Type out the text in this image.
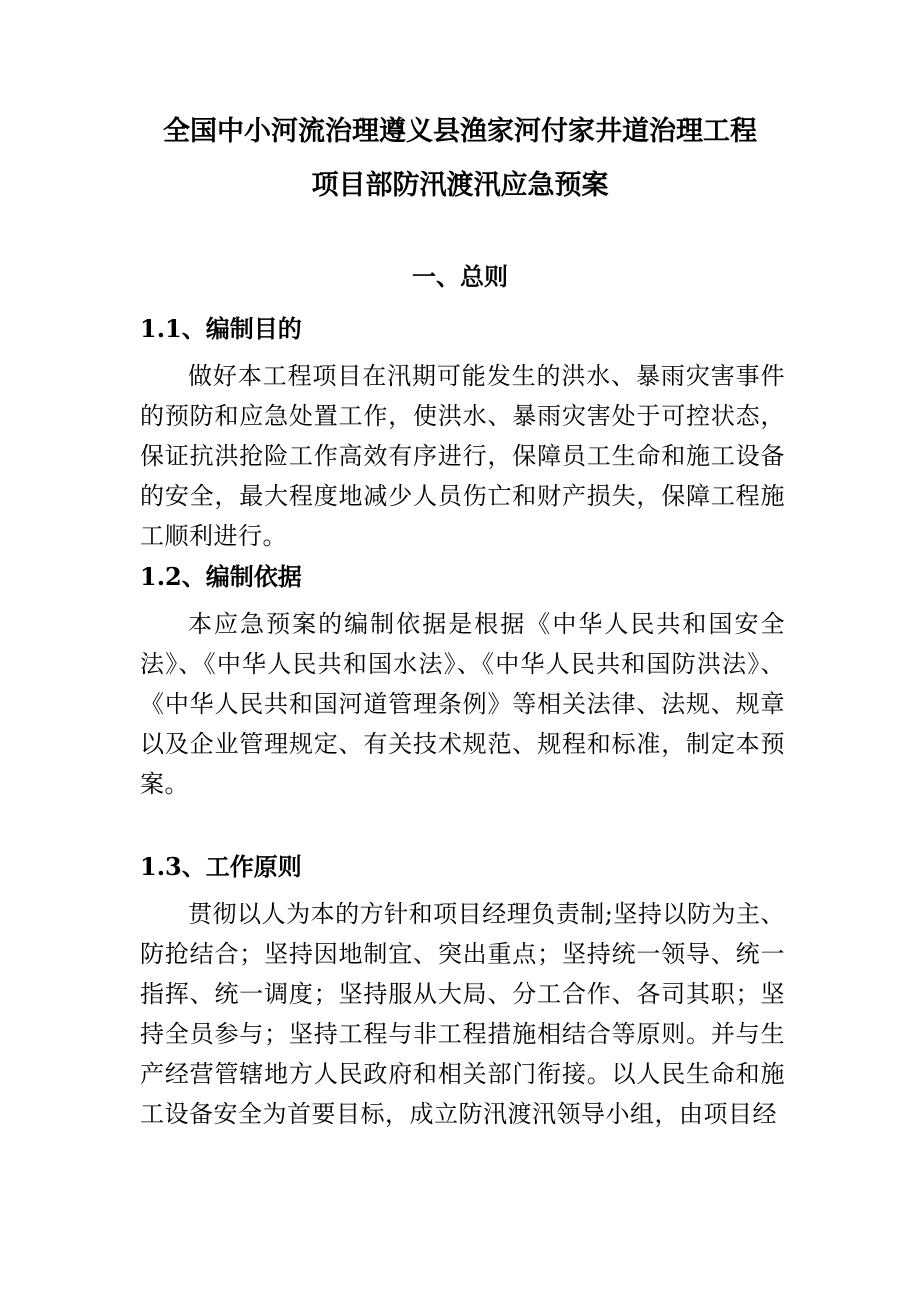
全国中小河流治理遵义县渔家河付家井道治理工程
项目部防汛渡汛应急预案
一、总则
1.1、编制目的
做好本工程项目在汛期可能发生的洪水、暴雨灾害事件的预防和应急处置工作，使洪水、暴雨灾害处于可控状态，保证抗洪抢险工作高效有序进行，保障员工生命和施工设备的安全，最大程度地减少人员伤亡和财产损失，保障工程施工顺利进行。
1.2、编制依据
本应急预案的编制依据是根据《中华人民共和国安全法》、《中华人民共和国水法》、《中华人民共和国防洪法》、《中华人民共和国河道管理条例》等相关法律、法规、规章以及企业管理规定、有关技术规范、规程和标准，制定本预案。
1.3、工作原则
贯彻以人为本的方针和项目经理负责制;坚持以防为主、防抢结合；坚持因地制宜、突出重点；坚持统一领导、统一指挥、统一调度；坚持服从大局、分工合作、各司其职；坚持全员参与；坚持工程与非工程措施相结合等原则。并与生产经营管辖地方人民政府和相关部门衔接。以人民生命和施工设备安全为首要目标，成立防汛渡汛领导小组，由项目经
